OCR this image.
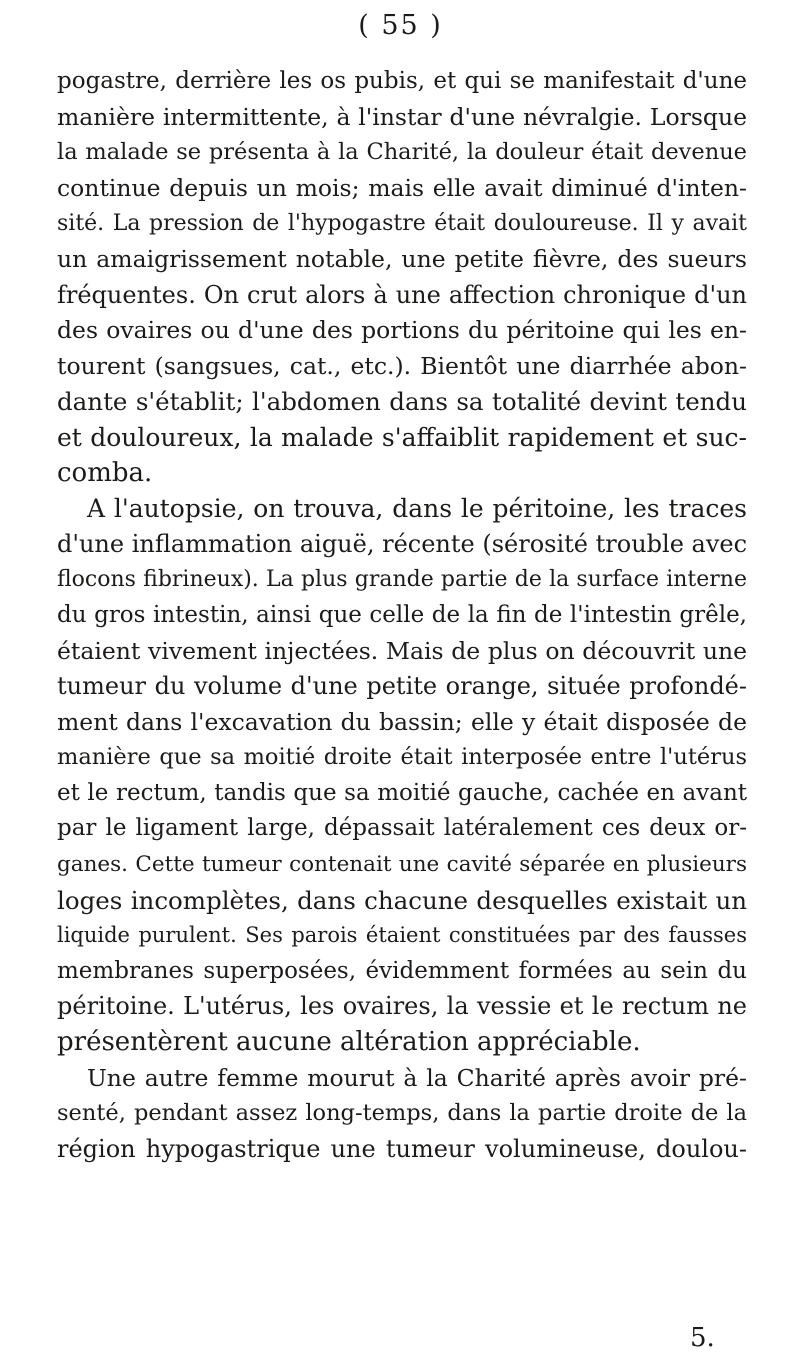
( 55 )
pogastre, derrière les os pubis, et qui se manifestait d'une
manière intermittente, à l'instar d'une névralgie. Lorsque
la malade se présenta à la Charité, la douleur était devenue
continue depuis un mois; mais elle avait diminué d'inten-
sité. La pression de l'hypogastre était douloureuse. Il y avait
un amaigrissement notable, une petite fièvre, des sueurs
fréquentes. On crut alors à une affection chronique d'un
des ovaires ou d'une des portions du péritoine qui les en-
tourent (sangsues, cat., etc.). Bientôt une diarrhée abon-
dante s'établit; l'abdomen dans sa totalité devint tendu
et douloureux, la malade s'affaiblit rapidement et suc-
comba.
A l'autopsie, on trouva, dans le péritoine, les traces
d'une inflammation aiguë, récente (sérosité trouble avec
flocons fibrineux). La plus grande partie de la surface interne
du gros intestin, ainsi que celle de la fin de l'intestin grêle,
étaient vivement injectées. Mais de plus on découvrit une
tumeur du volume d'une petite orange, située profondé-
ment dans l'excavation du bassin; elle y était disposée de
manière que sa moitié droite était interposée entre l'utérus
et le rectum, tandis que sa moitié gauche, cachée en avant
par le ligament large, dépassait latéralement ces deux or-
ganes. Cette tumeur contenait une cavité séparée en plusieurs
loges incomplètes, dans chacune desquelles existait un
liquide purulent. Ses parois étaient constituées par des fausses
membranes superposées, évidemment formées au sein du
péritoine. L'utérus, les ovaires, la vessie et le rectum ne
présentèrent aucune altération appréciable.
Une autre femme mourut à la Charité après avoir pré-
senté, pendant assez long-temps, dans la partie droite de la
région hypogastrique une tumeur volumineuse, doulou-
5.
